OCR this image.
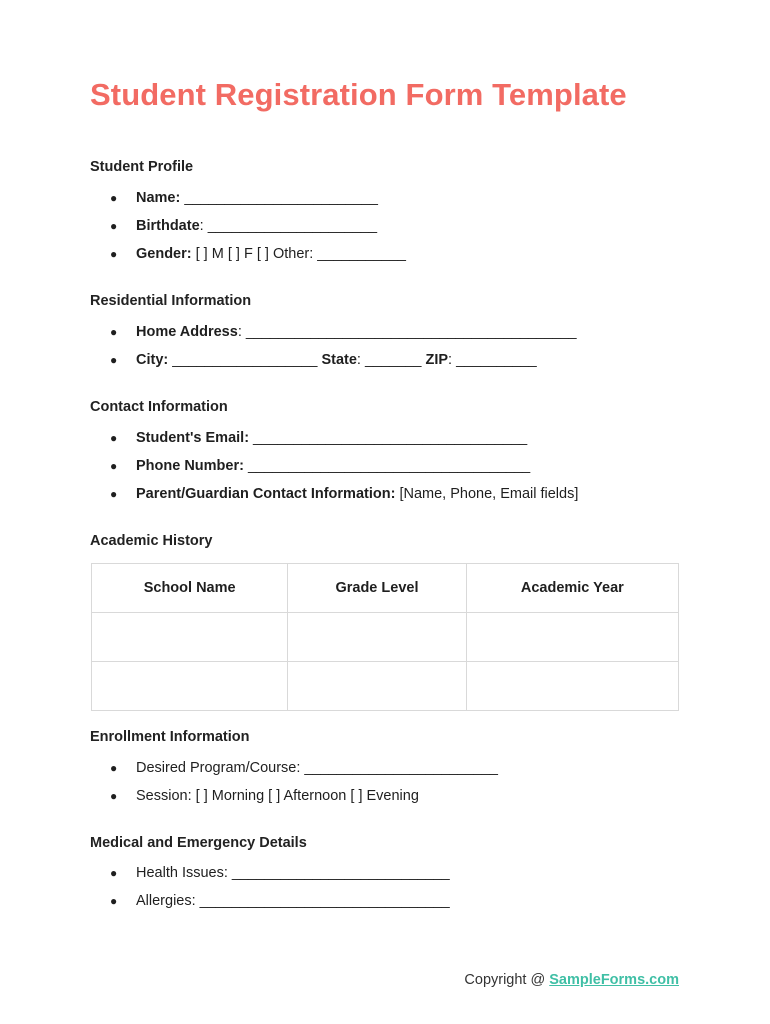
Student Registration Form Template
Student Profile
● Name: ________________________
● Birthdate: _____________________
● Gender: [ ] M [ ] F [ ] Other: ___________
Residential Information
● Home Address: _________________________________________
● City: __________________ State: _______ ZIP: __________
Contact Information
● Student's Email: __________________________________
● Phone Number: ___________________________________
● Parent/Guardian Contact Information: [Name, Phone, Email fields]
Academic History
School Name	Grade Level	Academic Year

Enrollment Information
● Desired Program/Course: ________________________
● Session: [ ] Morning [ ] Afternoon [ ] Evening
Medical and Emergency Details
● Health Issues: ___________________________
● Allergies: _______________________________
Copyright @ SampleForms.com
